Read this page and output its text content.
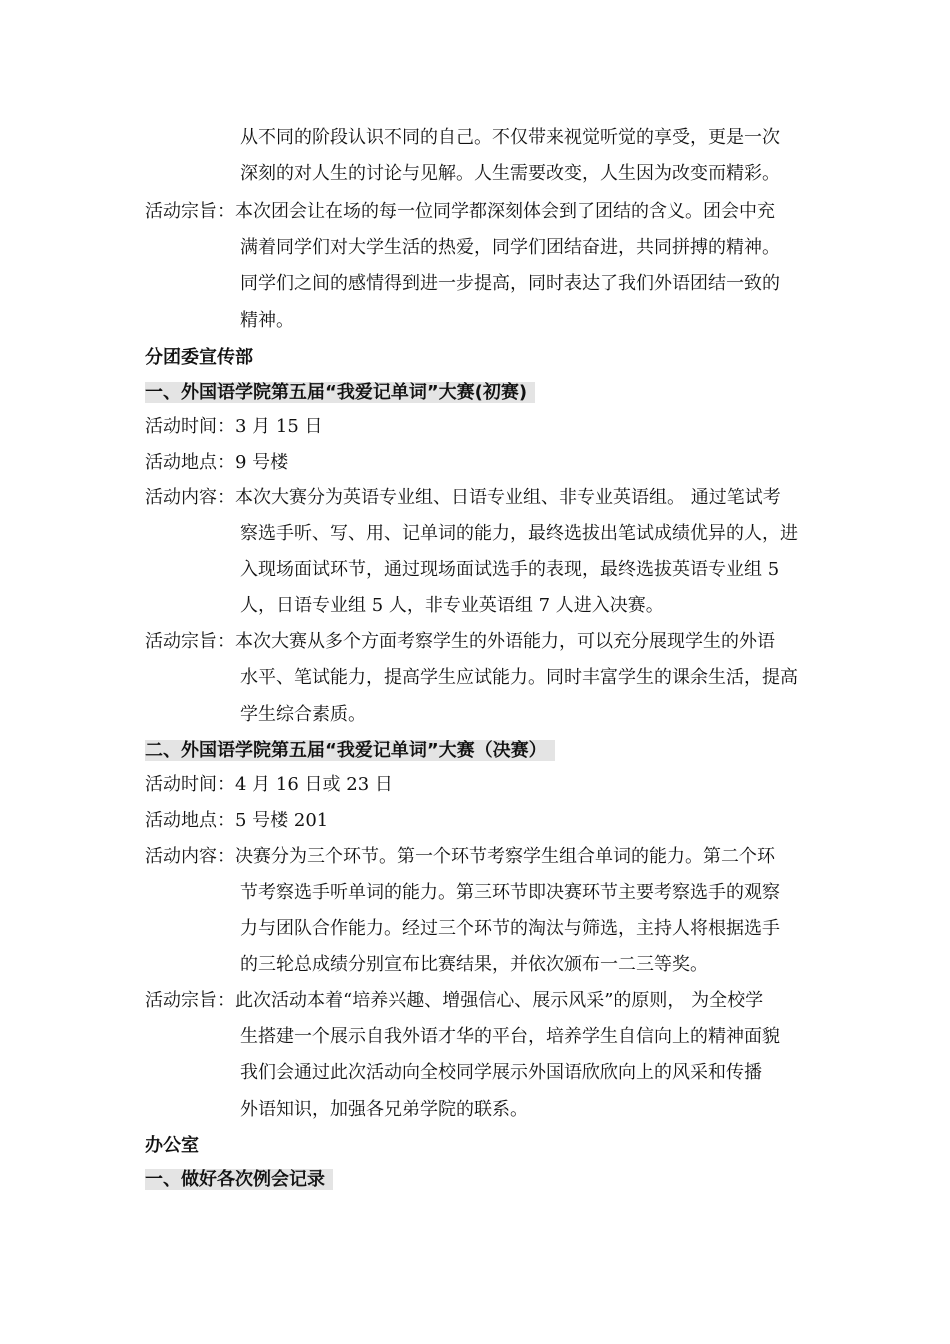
从不同的阶段认识不同的自己。不仅带来视觉听觉的享受，更是一次
深刻的对人生的讨论与见解。人生需要改变，人生因为改变而精彩。
活动宗旨：本次团会让在场的每一位同学都深刻体会到了团结的含义。团会中充
满着同学们对大学生活的热爱，同学们团结奋进，共同拼搏的精神。
同学们之间的感情得到进一步提高，同时表达了我们外语团结一致的
精神。
分团委宣传部
一、外国语学院第五届“我爱记单词”大赛(初赛)
活动时间：3 月 15 日
活动地点：9 号楼
活动内容：本次大赛分为英语专业组、日语专业组、非专业英语组。 通过笔试考
察选手听、写、用、记单词的能力，最终选拔出笔试成绩优异的人，进
入现场面试环节，通过现场面试选手的表现，最终选拔英语专业组 5
人，日语专业组 5 人，非专业英语组 7 人进入决赛。
活动宗旨：本次大赛从多个方面考察学生的外语能力，可以充分展现学生的外语
水平、笔试能力，提高学生应试能力。同时丰富学生的课余生活，提高
学生综合素质。
二、外国语学院第五届“我爱记单词”大赛（决赛）
活动时间：4 月 16 日或 23 日
活动地点：5 号楼 201
活动内容：决赛分为三个环节。第一个环节考察学生组合单词的能力。第二个环
节考察选手听单词的能力。第三环节即决赛环节主要考察选手的观察
力与团队合作能力。经过三个环节的淘汰与筛选，主持人将根据选手
的三轮总成绩分别宣布比赛结果，并依次颁布一二三等奖。
活动宗旨：此次活动本着“培养兴趣、增强信心、展示风采”的原则， 为全校学
生搭建一个展示自我外语才华的平台，培养学生自信向上的精神面貌
我们会通过此次活动向全校同学展示外国语欣欣向上的风采和传播
外语知识，加强各兄弟学院的联系。
办公室
一、做好各次例会记录
